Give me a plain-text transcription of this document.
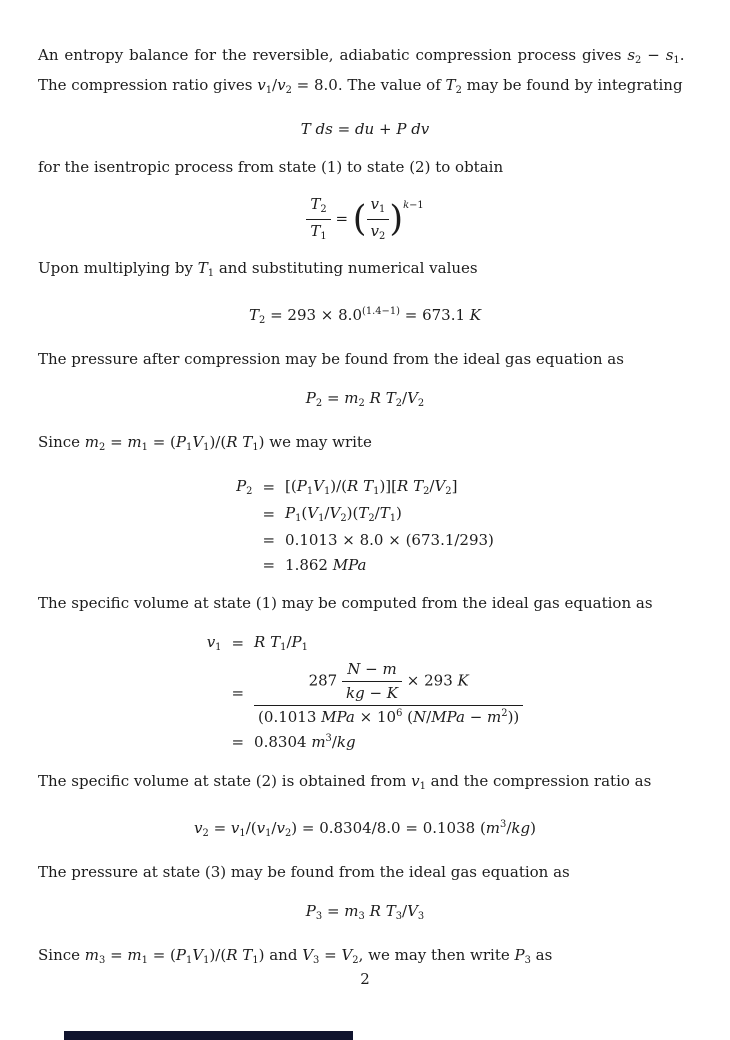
An entropy balance for the reversible, adiabatic compression process gives s2 − s1. The compression ratio gives v1/v2 = 8.0. The value of T2 may be found by integrating

T ds = du + P dv

for the isentropic process from state (1) to state (2) to obtain

$\frac{T2}{T1}$ = ( $\frac{v1}{v2} )^{k-1}$

Upon multiplying by T1 and substituting numerical values

$T2 = 293 \times 8.0^{(1.4-1)} = 673.1$ K

The pressure after compression may be found from the ideal gas equation as

P2 = m2 R T2/V2

Since m2 = m1 = (P1V1)/(R T1) we may write

P2	=	[(P1V1)/(R T1)][R T2/V2]
	=	P1(V1/V2)(T2/T1)
	=	0.1013 × 8.0 × (673.1/293)
	=	1.862 MPa

The specific volume at state (1) may be computed from the ideal gas equation as

v1	=	R T1/P1
	=	$\frac{287 \frac{N - m}{kg - K} \times 293 K}{(0.1013 MPa \times 10^6 (N/MPa - m^2))}$

	=	0.8304 $m^3/kg$

The specific volume at state (2) is obtained from v1 and the compression ratio as

v2 = v1/(v1/v2) = 0.8304/8.0 = 0.1038 $(m^3/kg)$

The pressure at state (3) may be found from the ideal gas equation as

P3 = m3 R T3/V3

Since m3 = m1 = (P1V1)/(R T1) and V3 = V2, we may then write P3 as

2
